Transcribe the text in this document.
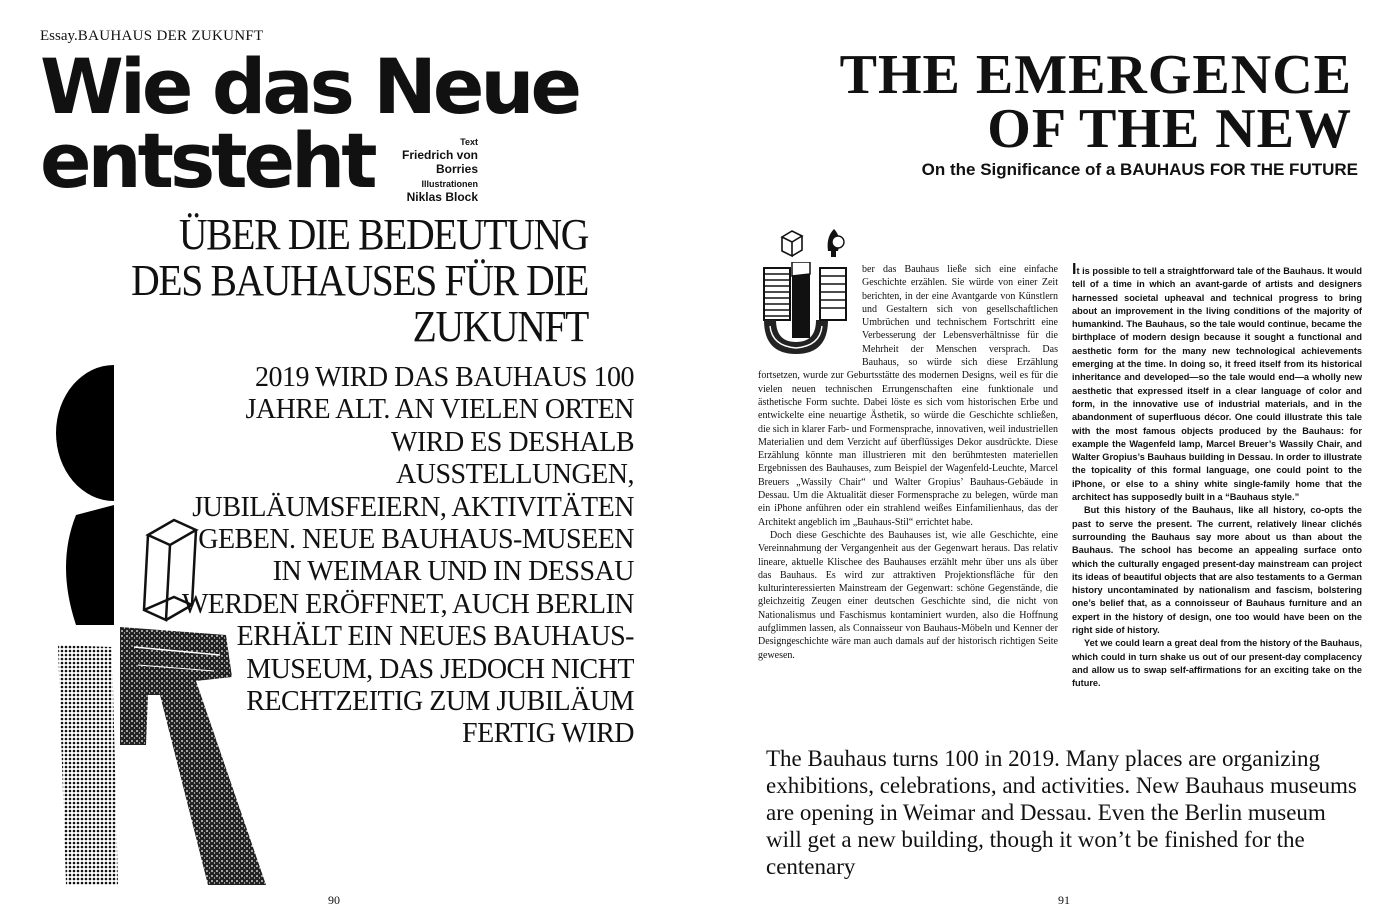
Essay.BAUHAUS DER ZUKUNFT
Wie das Neue
entsteht	Text
Friedrich von Borries
Illustrationen
Niklas Block
ÜBER DIE BEDEUTUNG DES BAUHAUSES FÜR DIE ZUKUNFT
2019 WIRD DAS BAUHAUS 100 JAHRE ALT. AN VIELEN ORTEN WIRD ES DESHALB AUSSTELLUNGEN, JUBILÄUMSFEIERN, AKTIVITÄTEN GEBEN. NEUE BAUHAUS-MUSEEN IN WEIMAR UND IN DESSAU WERDEN ERÖFFNET, AUCH BERLIN ERHÄLT EIN NEUES BAUHAUS-MUSEUM, DAS JEDOCH NICHT RECHTZEITIG ZUM JUBILÄUM FERTIG WIRD
90
THE EMERGENCE
OF THE NEW
On the Significance of a BAUHAUS FOR THE FUTURE

ber das Bauhaus ließe sich eine einfache Geschichte erzählen. Sie würde von einer Zeit berichten, in der eine Avantgarde von Künstlern und Gestaltern sich von gesellschaftlichen Umbrüchen und technischem Fortschritt eine Verbesserung der Lebensverhältnisse für die Mehrheit der Menschen versprach. Das Bauhaus, so würde sich diese Erzählung fortsetzen, wurde zur Geburtsstätte des modernen Designs, weil es für die vielen neuen technischen Errungenschaften eine funktionale und ästhetische Form suchte. Dabei löste es sich vom historischen Erbe und entwickelte eine neuartige Ästhetik, so würde die Geschichte schließen, die sich in klarer Farb- und Formensprache, innovativen, weil industriellen Materialien und dem Verzicht auf überflüssiges Dekor ausdrückte. Diese Erzählung könnte man illustrieren mit den berühmtesten materiellen Ergebnissen des Bauhauses, zum Beispiel der Wagenfeld-Leuchte, Marcel Breuers „Wassily Chair“ und Walter Gropius’ Bauhaus-Gebäude in Dessau. Um die Aktualität dieser Formensprache zu belegen, würde man ein iPhone anführen oder ein strahlend weißes Einfamilienhaus, das der Architekt angeblich im „Bauhaus-Stil“ errichtet habe.

Doch diese Geschichte des Bauhauses ist, wie alle Geschichte, eine Vereinnahmung der Vergangenheit aus der Gegenwart heraus. Das relativ lineare, aktuelle Klischee des Bauhauses erzählt mehr über uns als über das Bauhaus. Es wird zur attraktiven Projektionsfläche für den kulturinteressierten Mainstream der Gegenwart: schöne Gegenstände, die gleichzeitig Zeugen einer deutschen Geschichte sind, die nicht von Nationalismus und Faschismus kontaminiert wurden, also die Hoffnung aufglimmen lassen, als Connaisseur von Bauhaus-Möbeln und Kenner der Designgeschichte wäre man auch damals auf der historisch richtigen Seite gewesen.

It is possible to tell a straightforward tale of the Bauhaus. It would tell of a time in which an avant-garde of artists and designers harnessed societal upheaval and technical progress to bring about an improvement in the living conditions of the majority of humankind. The Bauhaus, so the tale would continue, became the birthplace of modern design because it sought a functional and aesthetic form for the many new technological achievements emerging at the time. In doing so, it freed itself from its historical inheritance and developed—so the tale would end—a wholly new aesthetic that expressed itself in a clear language of color and form, in the innovative use of industrial materials, and in the abandonment of superfluous décor. One could illustrate this tale with the most famous objects produced by the Bauhaus: for example the Wagenfeld lamp, Marcel Breuer’s Wassily Chair, and Walter Gropius’s Bauhaus building in Dessau. In order to illustrate the topicality of this formal language, one could point to the iPhone, or else to a shiny white single-family home that the architect has supposedly built in a “Bauhaus style.”

But this history of the Bauhaus, like all history, co-opts the past to serve the present. The current, relatively linear clichés surrounding the Bauhaus say more about us than about the Bauhaus. The school has become an appealing surface onto which the culturally engaged present-day mainstream can project its ideas of beautiful objects that are also testaments to a German history uncontaminated by nationalism and fascism, bolstering one’s belief that, as a connoisseur of Bauhaus furniture and an expert in the history of design, one too would have been on the right side of history.

Yet we could learn a great deal from the history of the Bauhaus, which could in turn shake us out of our present-day complacency and allow us to swap self-affirmations for an exciting take on the future.

The Bauhaus turns 100 in 2019. Many places are organizing exhibitions, celebrations, and activities. New Bauhaus museums are opening in Weimar and Dessau. Even the Berlin museum will get a new building, though it won’t be finished for the centenary
91
